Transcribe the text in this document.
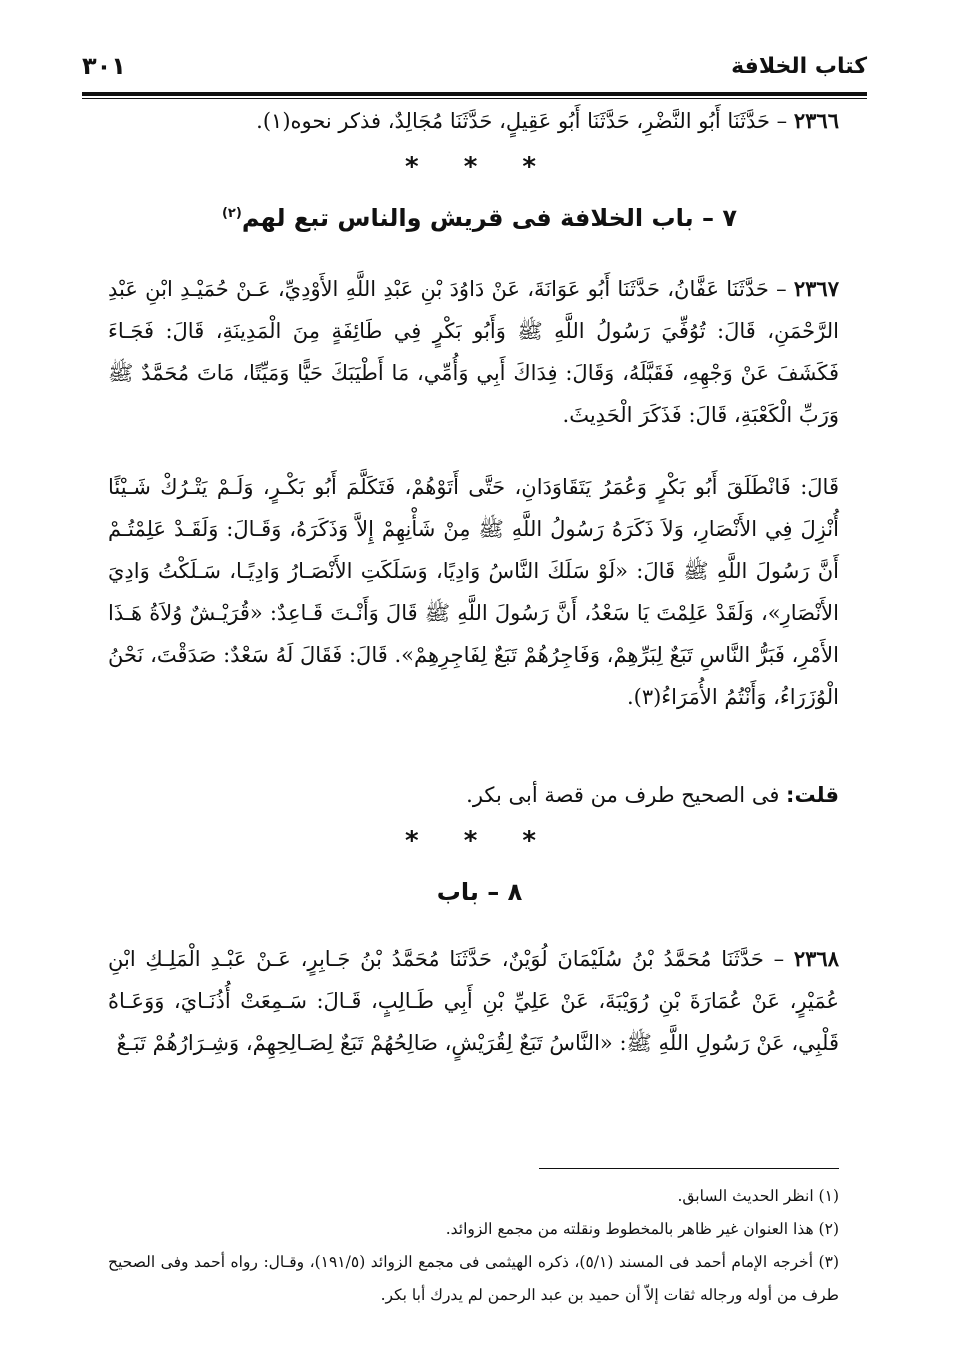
كتاب الخلافة
٣٠١
٢٣٦٦ – حَدَّثَنَا أَبُو النَّضْرِ، حَدَّثَنَا أَبُو عَقِيلٍ، حَدَّثَنَا مُجَالِدٌ، فذكر نحوه(١).
* * *
٧ – باب الخلافة فى قريش والناس تبع لهم$^{(٢)}$
٢٣٦٧ – حَدَّثَنَا عَفَّانُ، حَدَّثَنَا أَبُو عَوَانَةَ، عَنْ دَاوُدَ بْنِ عَبْدِ اللَّهِ الأَوْدِيِّ، عَـنْ حُمَيْـدِ ابْنِ عَبْدِ الرَّحْمَنِ، قَالَ: تُوُفِّيَ رَسُولُ اللَّهِ ﷺ وَأَبُو بَكْرٍ فِي طَائِفَةٍ مِنَ الْمَدِينَةِ، قَالَ: فَجَـاءَ فَكَشَفَ عَنْ وَجْهِهِ، فَقَبَّلَهُ، وَقَالَ: فِدَاكَ أَبِي وَأُمِّي، مَا أَطْيَبَكَ حَيًّا وَمَيِّتًا، مَاتَ مُحَمَّدٌ ﷺ وَرَبِّ الْكَعْبَةِ، قَالَ: فَذَكَرَ الْحَدِيثَ.
قَالَ: فَانْطَلَقَ أَبُو بَكْرٍ وَعُمَرُ يَتَقَاوَدَانِ، حَتَّى أَتَوْهُمْ، فَتَكَلَّمَ أَبُو بَكْـرٍ، وَلَـمْ يَتْـرُكْ شَـيْئًا أُنْزِلَ فِي الأَنْصَارِ، وَلاَ ذَكَرَهُ رَسُولُ اللَّهِ ﷺ مِنْ شَأْنِهِمْ إِلاَّ وَذَكَرَهُ، وَقَـالَ: وَلَقَـدْ عَلِمْتُـمْ أَنَّ رَسُولَ اللَّهِ ﷺ قَالَ: «لَوْ سَلَكَ النَّاسُ وَادِيًا، وَسَلَكَتِ الأَنْصَـارُ وَادِيًـا، سَـلَكْتُ وَادِيَ الأَنْصَارِ»، وَلَقَدْ عَلِمْتَ يَا سَعْدُ، أَنَّ رَسُولَ اللَّهِ ﷺ قَالَ وَأَنْـتَ قَـاعِدٌ: «قُرَيْـشٌ وُلاَةُ هَـذَا الأَمْرِ، فَبَرُّ النَّاسِ تَبَعٌ لِبَرِّهِمْ، وَفَاجِرُهُمْ تَبَعٌ لِفَاجِرِهِمْ». قَالَ: فَقَالَ لَهُ سَعْدٌ: صَدَقْتَ، نَحْنُ الْوُزَرَاءُ، وَأَنْتُمُ الأُمَرَاءُ(٣).
قلت: فى الصحيح طرف من قصة أبى بكر.
* * *
٨ – باب
٢٣٦٨ – حَدَّثَنَا مُحَمَّدُ بْنُ سُلَيْمَانَ لُوَيْنٌ، حَدَّثَنَا مُحَمَّدُ بْنُ جَـابِرٍ، عَـنْ عَبْـدِ الْمَلِـكِ ابْنِ عُمَيْرٍ، عَنْ عُمَارَةَ بْنِ رُوَيْبَةَ، عَنْ عَلِيِّ بْنِ أَبِي طَـالِبٍ، قَـالَ: سَـمِعَتْ أُذُنَـايَ، وَوَعَـاهُ قَلْبِي، عَنْ رَسُولِ اللَّهِ ﷺ: «النَّاسُ تَبَعٌ لِقُرَيْشٍ، صَالِحُهُمْ تَبَعٌ لِصَـالِحِهِمْ، وَشِـرَارُهُمْ تَبَـعٌ
(١) انظر الحديث السابق.
(٢) هذا العنوان غير ظاهر بالمخطوط ونقلته من مجمع الزوائد.
(٣) أخرجه الإمام أحمد فى المسند (٥/١)، ذكره الهيثمى فى مجمع الزوائد (١٩١/٥)، وقـال: رواه أحمد وفى الصحيح طرف من أوله ورجاله ثقات إلاّ أن حميد بن عبد الرحمن لم يدرك أبا بكر.
